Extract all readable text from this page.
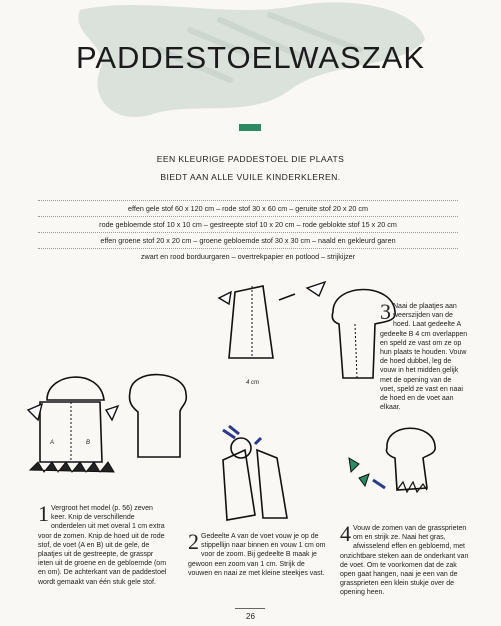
PADDESTOELWASZAK
EEN KLEURIGE PADDESTOEL DIE PLAATS
BIEDT AAN ALLE VUILE KINDERKLEREN.
effen gele stof 60 x 120 cm – rode stof 30 x 60 cm – geruite stof 20 x 20 cm
rode gebloemde stof 10 x 10 cm – gestreepte stof 10 x 20 cm – rode geblokte stof 15 x 20 cm
effen groene stof 20 x 20 cm – groene gebloemde stof 30 x 30 cm – naald en gekleurd garen
zwart en rood borduurgaren – overtrekpapier en potlood – strijkijzer
A	B
4 cm
1 Vergroot het model (p. 56) zeven keer. Knip de verschillende onderdelen uit met overal 1 cm extra voor de zomen. Knip de hoed uit de rode stof, de voet (A en B) uit de gele, de plaatjes uit de gestreepte, de grasspr ieten uit de groene en de gebloemde (om en om). De achterkant van de paddestoel wordt gemaakt van één stuk gele stof.
2 Gedeelte A van de voet vouw je op de stippellijn naar binnen en vouw 1 cm om voor de zoom. Bij gedeelte B maak je gewoon een zoom van 1 cm. Strijk de vouwen en naai ze met kleine steekjes vast.
3 Naai de plaatjes aan weerszijden van de hoed. Laat gedeelte A gedeelte B 4 cm overlappen en speld ze vast om ze op hun plaats te houden. Vouw de hoed dubbel, leg de vouw in het midden gelijk met de opening van de voet, speld ze vast en naai de hoed en de voet aan elkaar.
4 Vouw de zomen van de grassprieten om en strijk ze. Naai het gras, afwisselend effen en gebloemd, met onzichtbare steken aan de onderkant van de voet. Om te voorkomen dat de zak open gaat hangen, naai je een van de grassprieten een klein stukje over de opening heen.
26
